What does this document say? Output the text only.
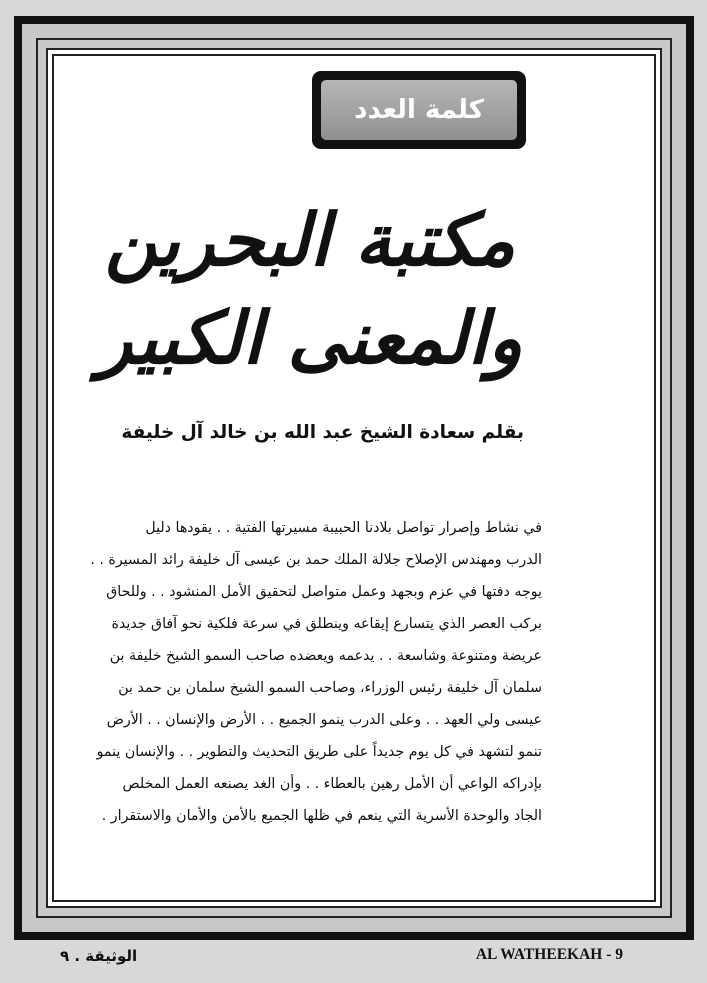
كلمة العدد
مكتبة البحرين
والمعنى الكبير
بقلم سعادة الشيخ عبد الله بن خالد آل خليفة
في نشاط وإصرار تواصل بلادنا الحبيبة مسيرتها الفتية . . يقودها دليل
الدرب ومهندس الإصلاح جلالة الملك حمد بن عيسى آل خليفة رائد المسيرة . .
يوجه دفتها في عزم وبجهد وعمل متواصل لتحقيق الأمل المنشود . . وللحاق
بركب العصر الذي يتسارع إيقاعه وينطلق في سرعة فلكية نحو آفاق جديدة
عريضة ومتنوعة وشاسعة . . يدعمه ويعضده صاحب السمو الشيخ خليفة بن
سلمان آل خليفة رئيس الوزراء، وصاحب السمو الشيخ سلمان بن حمد بن
عيسى ولي العهد . . وعلى الدرب ينمو الجميع . . الأرض والإنسان . . الأرض
تنمو لتشهد في كل يوم جديداً على طريق التحديث والتطوير . . والإنسان ينمو
بإدراكه الواعي أن الأمل رهين بالعطاء . . وأن الغد يصنعه العمل المخلص
الجاد والوحدة الأسرية التي ينعم في ظلها الجميع بالأمن والأمان والاستقرار .
الوثيقة . ٩	AL WATHEEKAH - 9
